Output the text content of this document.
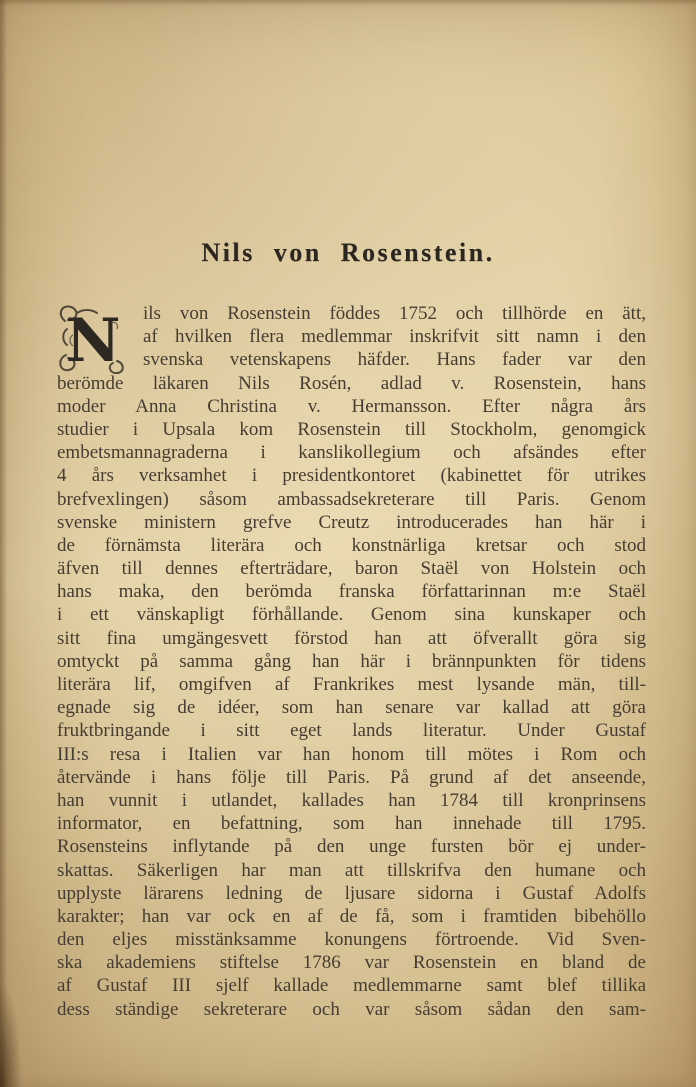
Nils von Rosenstein.
N ils von Rosenstein föddes 1752 och tillhörde en ätt,
af hvilken flera medlemmar inskrifvit sitt namn i den
svenska vetenskapens häfder. Hans fader var den
berömde läkaren Nils Rosén, adlad v. Rosenstein, hans
moder Anna Christina v. Hermansson. Efter några års
studier i Upsala kom Rosenstein till Stockholm, genomgick
embetsmannagraderna i kanslikollegium och afsändes efter
4 års verksamhet i presidentkontoret (kabinettet för utrikes
brefvexlingen) såsom ambassadsekreterare till Paris. Genom
svenske ministern grefve Creutz introducerades han här i
de förnämsta literära och konstnärliga kretsar och stod
äfven till dennes efterträdare, baron Staël von Holstein och
hans maka, den berömda franska författarinnan m:e Staël
i ett vänskapligt förhållande. Genom sina kunskaper och
sitt fina umgängesvett förstod han att öfverallt göra sig
omtyckt på samma gång han här i brännpunkten för tidens
literära lif, omgifven af Frankrikes mest lysande män, till-
egnade sig de idéer, som han senare var kallad att göra
fruktbringande i sitt eget lands literatur. Under Gustaf
III:s resa i Italien var han honom till mötes i Rom och
återvände i hans följe till Paris. På grund af det anseende,
han vunnit i utlandet, kallades han 1784 till kronprinsens
informator, en befattning, som han innehade till 1795.
Rosensteins inflytande på den unge fursten bör ej under-
skattas. Säkerligen har man att tillskrifva den humane och
upplyste lärarens ledning de ljusare sidorna i Gustaf Adolfs
karakter; han var ock en af de få, som i framtiden bibehöllo
den eljes misstänksamme konungens förtroende. Vid Sven-
ska akademiens stiftelse 1786 var Rosenstein en bland de
af Gustaf III sjelf kallade medlemmarne samt blef tillika
dess ständige sekreterare och var såsom sådan den sam-
